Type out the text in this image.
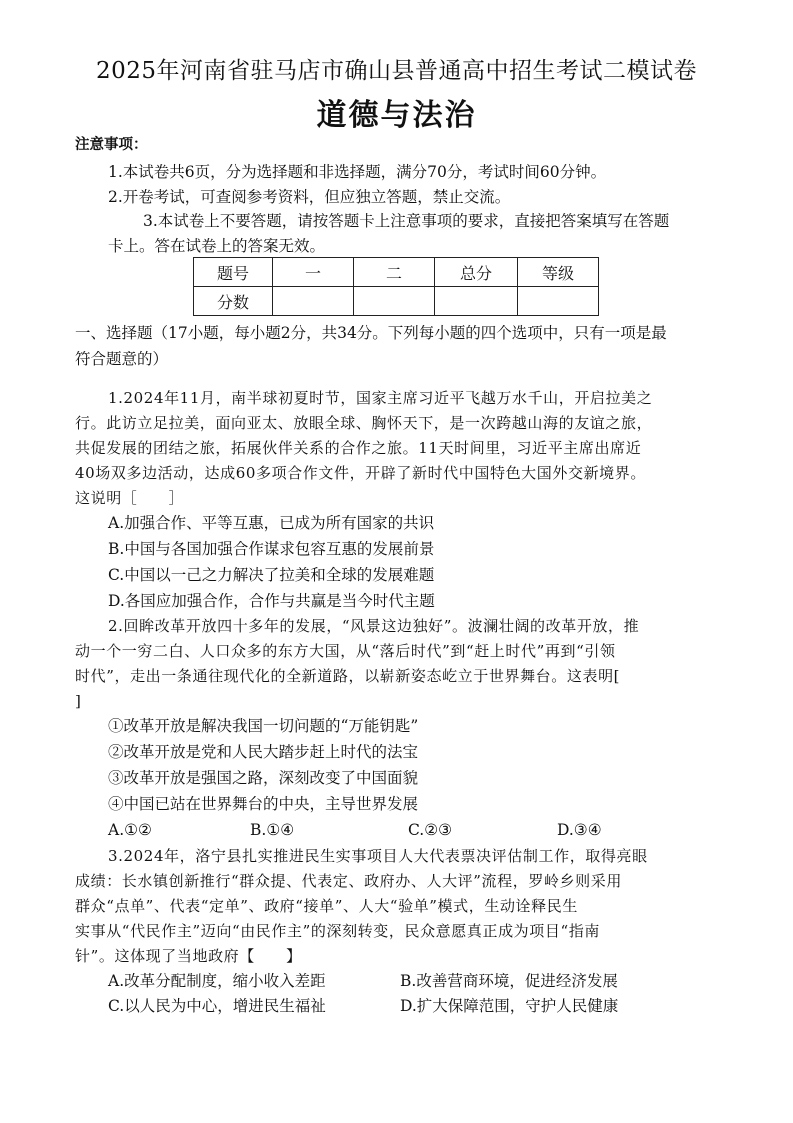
2025年河南省驻马店市确山县普通高中招生考试二模试卷
道德与法治
注意事项：
1.本试卷共6页，分为选择题和非选择题，满分70分，考试时间60分钟。
2.开卷考试，可查阅参考资料，但应独立答题，禁止交流。
3.本试卷上不要答题，请按答题卡上注意事项的要求，直接把答案填写在答题
卡上。答在试卷上的答案无效。
题号	一	二	总分	等级
分数				
一、选择题（17小题，每小题2分，共34分。下列每小题的四个选项中，只有一项是最
符合题意的）
1.2024年11月，南半球初夏时节，国家主席习近平飞越万水千山，开启拉美之
行。此访立足拉美，面向亚太、放眼全球、胸怀天下，是一次跨越山海的友谊之旅，
共促发展的团结之旅，拓展伙伴关系的合作之旅。11天时间里，习近平主席出席近
40场双多边活动，达成60多项合作文件，开辟了新时代中国特色大国外交新境界。
这说明［　　］
A.加强合作、平等互惠，已成为所有国家的共识
B.中国与各国加强合作谋求包容互惠的发展前景
C.中国以一己之力解决了拉美和全球的发展难题
D.各国应加强合作，合作与共赢是当今时代主题
2.回眸改革开放四十多年的发展，“风景这边独好”。波澜壮阔的改革开放，推
动一个一穷二白、人口众多的东方大国，从“落后时代”到“赶上时代”再到“引领
时代”，走出一条通往现代化的全新道路，以崭新姿态屹立于世界舞台。这表明[
]
①改革开放是解决我国一切问题的“万能钥匙”
②改革开放是党和人民大踏步赶上时代的法宝
③改革开放是强国之路，深刻改变了中国面貌
④中国已站在世界舞台的中央，主导世界发展
A.①②	B.①④	C.②③	D.③④
3.2024年，洛宁县扎实推进民生实事项目人大代表票决评估制工作，取得亮眼
成绩：长水镇创新推行“群众提、代表定、政府办、人大评”流程，罗岭乡则采用
群众“点单”、代表“定单”、政府“接单”、人大“验单”模式，生动诠释民生
实事从“代民作主”迈向“由民作主”的深刻转变，民众意愿真正成为项目“指南
针”。这体现了当地政府【　　】
A.改革分配制度，缩小收入差距	B.改善营商环境，促进经济发展
C.以人民为中心，增进民生福祉	D.扩大保障范围，守护人民健康
